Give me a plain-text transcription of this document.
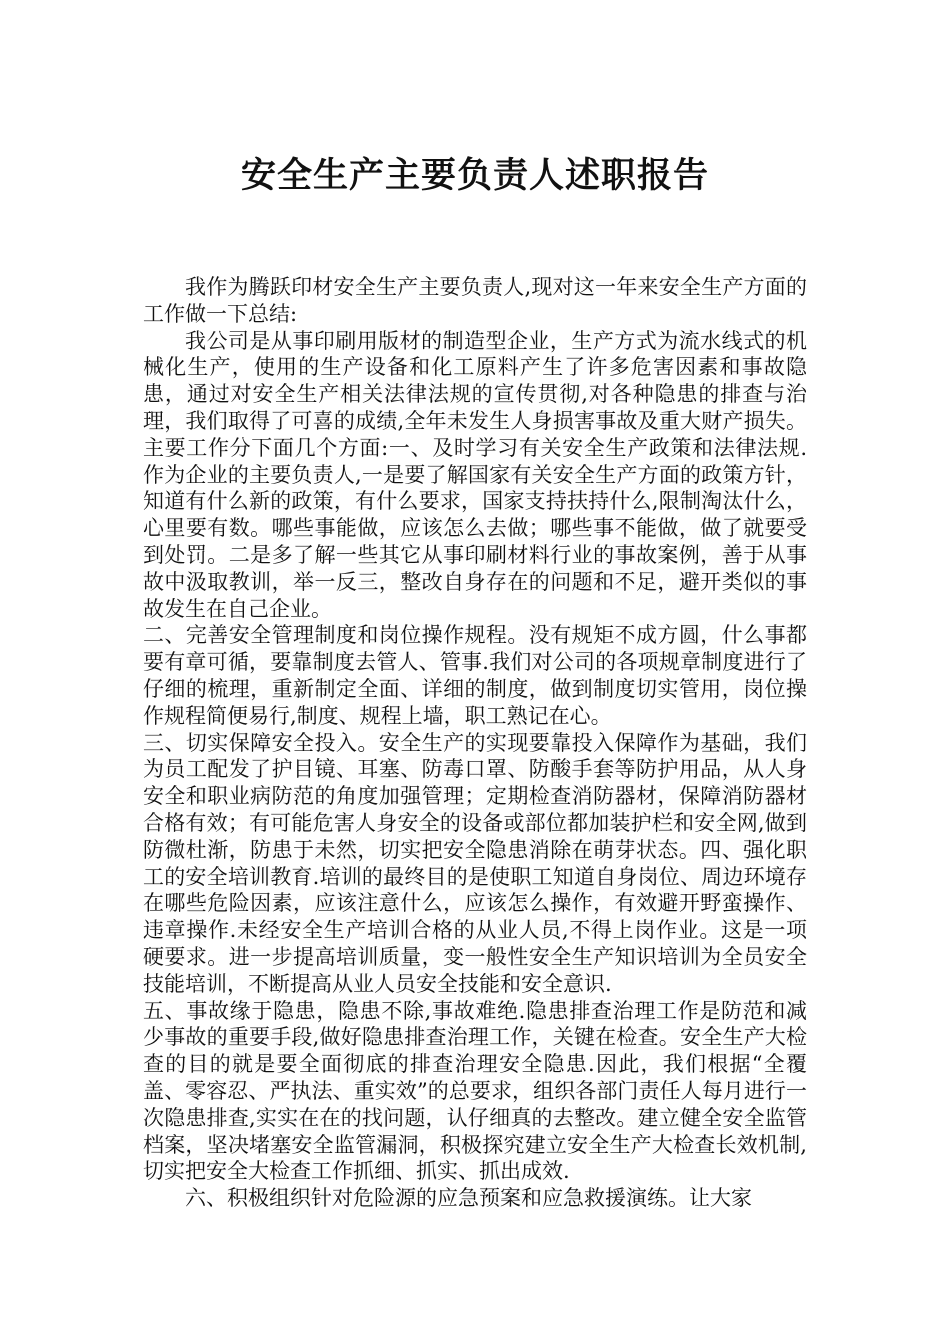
安全生产主要负责人述职报告

我作为腾跃印材安全生产主要负责人,现对这一年来安全生产方面的工作做一下总结:

我公司是从事印刷用版材的制造型企业，生产方式为流水线式的机械化生产，使用的生产设备和化工原料产生了许多危害因素和事故隐患，通过对安全生产相关法律法规的宣传贯彻,对各种隐患的排查与治理，我们取得了可喜的成绩,全年未发生人身损害事故及重大财产损失。主要工作分下面几个方面:一、及时学习有关安全生产政策和法律法规.作为企业的主要负责人,一是要了解国家有关安全生产方面的政策方针，知道有什么新的政策，有什么要求，国家支持扶持什么,限制淘汰什么，心里要有数。哪些事能做，应该怎么去做；哪些事不能做，做了就要受到处罚。二是多了解一些其它从事印刷材料行业的事故案例，善于从事故中汲取教训，举一反三，整改自身存在的问题和不足，避开类似的事故发生在自己企业。

二、完善安全管理制度和岗位操作规程。没有规矩不成方圆，什么事都要有章可循，要靠制度去管人、管事.我们对公司的各项规章制度进行了仔细的梳理，重新制定全面、详细的制度，做到制度切实管用，岗位操作规程简便易行,制度、规程上墙，职工熟记在心。

三、切实保障安全投入。安全生产的实现要靠投入保障作为基础，我们为员工配发了护目镜、耳塞、防毒口罩、防酸手套等防护用品，从人身安全和职业病防范的角度加强管理；定期检查消防器材，保障消防器材合格有效；有可能危害人身安全的设备或部位都加装护栏和安全网,做到防微杜渐，防患于未然，切实把安全隐患消除在萌芽状态。四、强化职工的安全培训教育.培训的最终目的是使职工知道自身岗位、周边环境存在哪些危险因素，应该注意什么，应该怎么操作，有效避开野蛮操作、违章操作.未经安全生产培训合格的从业人员,不得上岗作业。这是一项硬要求。进一步提高培训质量，变一般性安全生产知识培训为全员安全技能培训，不断提高从业人员安全技能和安全意识.

五、事故缘于隐患，隐患不除,事故难绝.隐患排查治理工作是防范和减少事故的重要手段,做好隐患排查治理工作，关键在检查。安全生产大检查的目的就是要全面彻底的排查治理安全隐患.因此，我们根据“全覆盖、零容忍、严执法、重实效”的总要求，组织各部门责任人每月进行一次隐患排查,实实在在的找问题，认仔细真的去整改。建立健全安全监管档案，坚决堵塞安全监管漏洞，积极探究建立安全生产大检查长效机制,切实把安全大检查工作抓细、抓实、抓出成效.

六、积极组织针对危险源的应急预案和应急救援演练。让大家
